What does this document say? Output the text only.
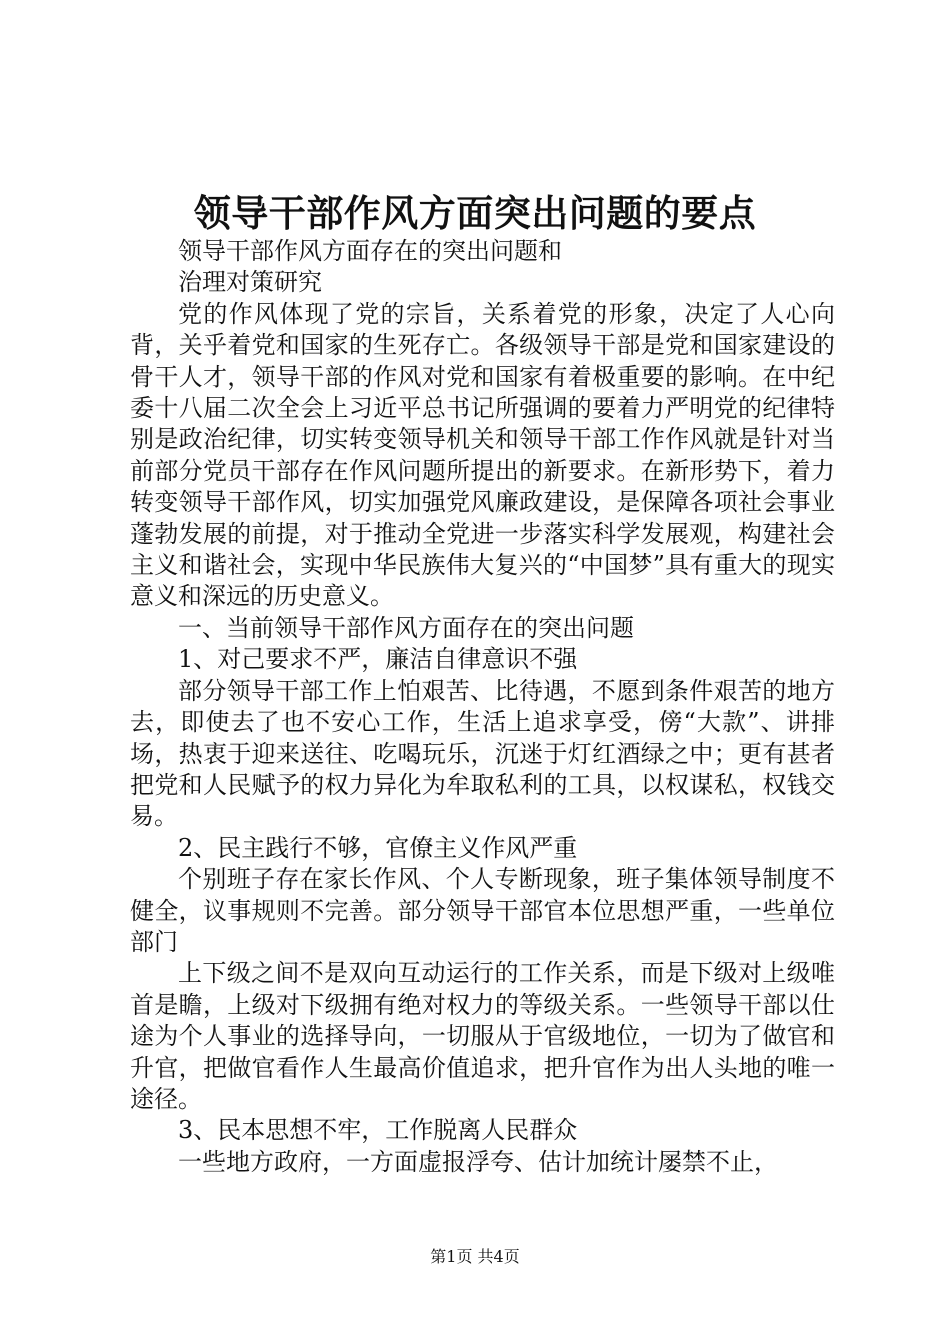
领导干部作风方面突出问题的要点

领导干部作风方面存在的突出问题和

治理对策研究

党的作风体现了党的宗旨，关系着党的形象，决定了人心向背，关乎着党和国家的生死存亡。各级领导干部是党和国家建设的骨干人才，领导干部的作风对党和国家有着极重要的影响。在中纪委十八届二次全会上习近平总书记所强调的要着力严明党的纪律特别是政治纪律，切实转变领导机关和领导干部工作作风就是针对当前部分党员干部存在作风问题所提出的新要求。在新形势下，着力转变领导干部作风，切实加强党风廉政建设，是保障各项社会事业蓬勃发展的前提，对于推动全党进一步落实科学发展观，构建社会主义和谐社会，实现中华民族伟大复兴的“中国梦”具有重大的现实意义和深远的历史意义。

一、当前领导干部作风方面存在的突出问题

1、对己要求不严，廉洁自律意识不强

部分领导干部工作上怕艰苦、比待遇，不愿到条件艰苦的地方去，即使去了也不安心工作，生活上追求享受，傍“大款”、讲排场，热衷于迎来送往、吃喝玩乐，沉迷于灯红酒绿之中；更有甚者把党和人民赋予的权力异化为牟取私利的工具，以权谋私，权钱交易。

2、民主践行不够，官僚主义作风严重

个别班子存在家长作风、个人专断现象，班子集体领导制度不健全，议事规则不完善。部分领导干部官本位思想严重，一些单位部门

上下级之间不是双向互动运行的工作关系，而是下级对上级唯首是瞻，上级对下级拥有绝对权力的等级关系。一些领导干部以仕途为个人事业的选择导向，一切服从于官级地位，一切为了做官和升官，把做官看作人生最高价值追求，把升官作为出人头地的唯一途径。

3、民本思想不牢，工作脱离人民群众

一些地方政府，一方面虚报浮夸、估计加统计屡禁不止，

第1页 共4页
